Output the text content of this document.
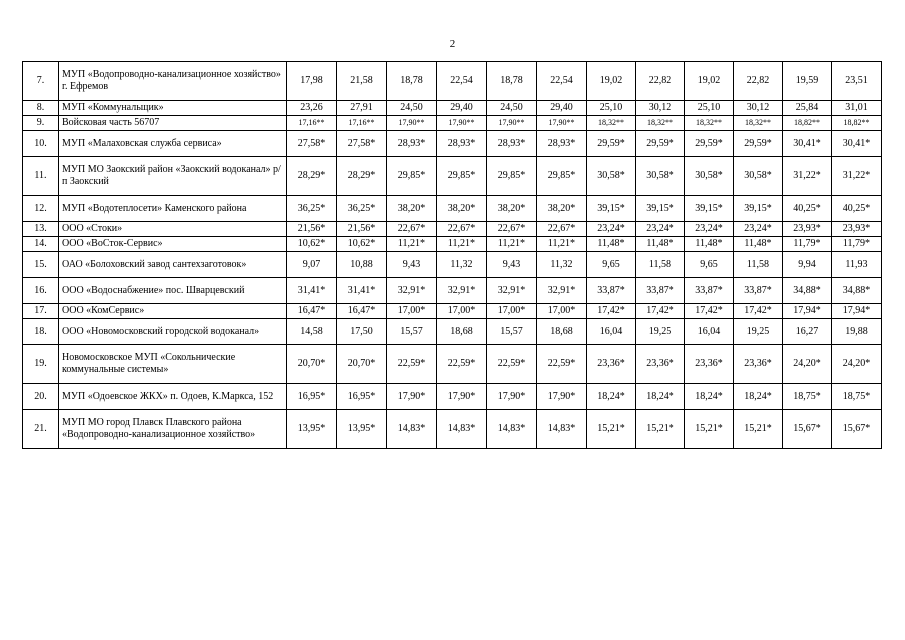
2
7.	МУП «Водопроводно-канализационное хозяйство» г. Ефремов	17,98	21,58	18,78	22,54	18,78	22,54	19,02	22,82	19,02	22,82	19,59	23,51
8.	МУП «Коммунальщик»	23,26	27,91	24,50	29,40	24,50	29,40	25,10	30,12	25,10	30,12	25,84	31,01
9.	Войсковая часть 56707	17,16**	17,16**	17,90**	17,90**	17,90**	17,90**	18,32**	18,32**	18,32**	18,32**	18,82**	18,82**
10.	МУП «Малаховская служба сервиса»	27,58*	27,58*	28,93*	28,93*	28,93*	28,93*	29,59*	29,59*	29,59*	29,59*	30,41*	30,41*
11.	МУП МО Заокский район «Заокский водоканал» р/п Заокский	28,29*	28,29*	29,85*	29,85*	29,85*	29,85*	30,58*	30,58*	30,58*	30,58*	31,22*	31,22*
12.	МУП «Водотеплосети» Каменского района	36,25*	36,25*	38,20*	38,20*	38,20*	38,20*	39,15*	39,15*	39,15*	39,15*	40,25*	40,25*
13.	ООО «Стоки»	21,56*	21,56*	22,67*	22,67*	22,67*	22,67*	23,24*	23,24*	23,24*	23,24*	23,93*	23,93*
14.	ООО «ВоСток-Сервис»	10,62*	10,62*	11,21*	11,21*	11,21*	11,21*	11,48*	11,48*	11,48*	11,48*	11,79*	11,79*
15.	ОАО «Болоховский завод сантехзаготовок»	9,07	10,88	9,43	11,32	9,43	11,32	9,65	11,58	9,65	11,58	9,94	11,93
16.	ООО «Водоснабжение» пос. Шварцевский	31,41*	31,41*	32,91*	32,91*	32,91*	32,91*	33,87*	33,87*	33,87*	33,87*	34,88*	34,88*
17.	ООО «КомСервис»	16,47*	16,47*	17,00*	17,00*	17,00*	17,00*	17,42*	17,42*	17,42*	17,42*	17,94*	17,94*
18.	ООО «Новомосковский городской водоканал»	14,58	17,50	15,57	18,68	15,57	18,68	16,04	19,25	16,04	19,25	16,27	19,88
19.	Новомосковское МУП «Сокольнические коммунальные системы»	20,70*	20,70*	22,59*	22,59*	22,59*	22,59*	23,36*	23,36*	23,36*	23,36*	24,20*	24,20*
20.	МУП «Одоевское ЖКХ» п. Одоев, К.Маркса, 152	16,95*	16,95*	17,90*	17,90*	17,90*	17,90*	18,24*	18,24*	18,24*	18,24*	18,75*	18,75*
21.	МУП МО город Плавск Плавского района «Водопроводно-канализационное хозяйство»	13,95*	13,95*	14,83*	14,83*	14,83*	14,83*	15,21*	15,21*	15,21*	15,21*	15,67*	15,67*
